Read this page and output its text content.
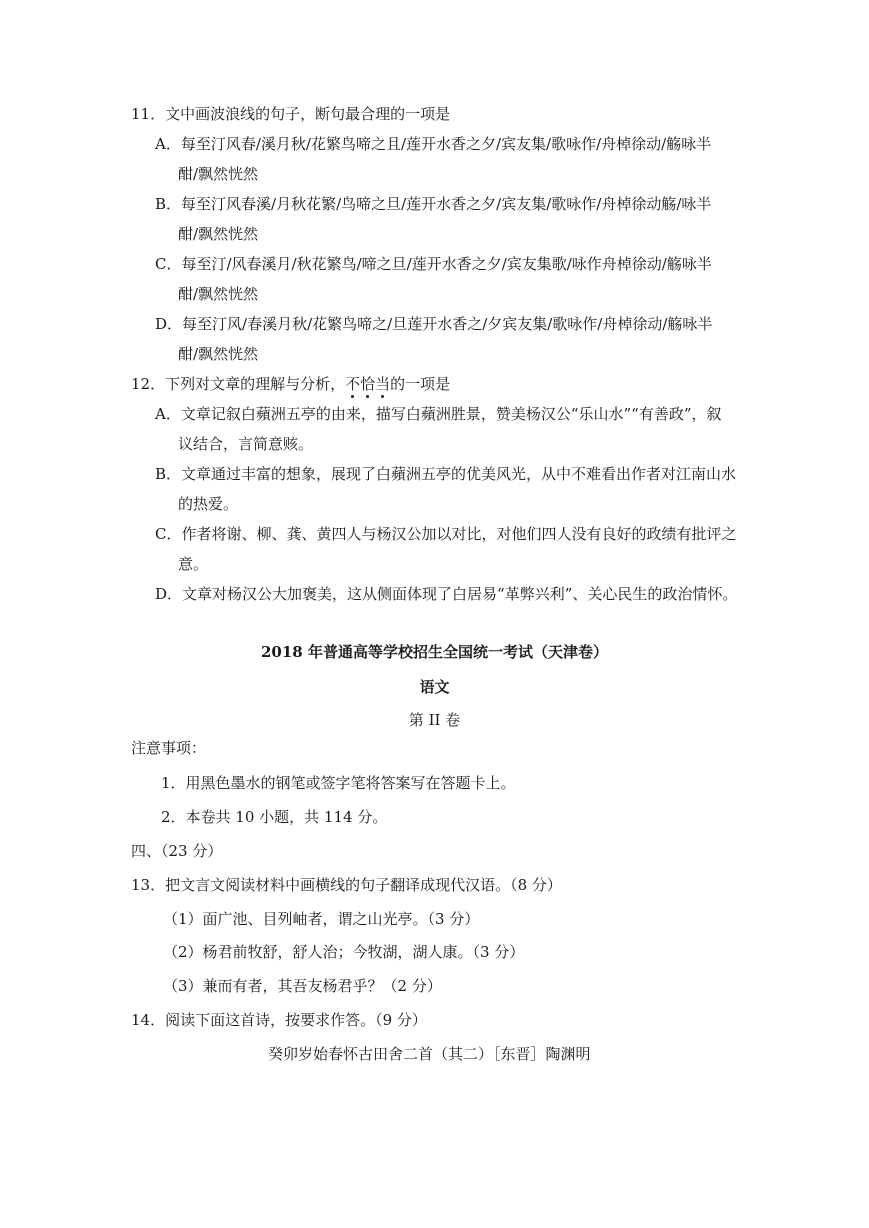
11．文中画波浪线的句子，断句最合理的一项是
A．每至汀风春/溪月秋/花繁鸟啼之且/莲开水香之夕/宾友集/歌咏作/舟棹徐动/觞咏半
酣/飘然恍然
B．每至汀风春溪/月秋花繁/鸟啼之旦/莲开水香之夕/宾友集/歌咏作/舟棹徐动觞/咏半
酣/飘然恍然
C．每至汀/风春溪月/秋花繁鸟/啼之旦/莲开水香之夕/宾友集歌/咏作舟棹徐动/觞咏半
酣/飘然恍然
D．每至汀风/春溪月秋/花繁鸟啼之/旦莲开水香之/夕宾友集/歌咏作/舟棹徐动/觞咏半
酣/飘然恍然
12．下列对文章的理解与分析，不恰当的一项是
A．文章记叙白蘋洲五亭的由来，描写白蘋洲胜景，赞美杨汉公“乐山水”“有善政”，叙
议结合，言简意赅。
B．文章通过丰富的想象，展现了白蘋洲五亭的优美风光，从中不难看出作者对江南山水
的热爱。
C．作者将谢、柳、龚、黄四人与杨汉公加以对比，对他们四人没有良好的政绩有批评之
意。
D．文章对杨汉公大加褒美，这从侧面体现了白居易“革弊兴利”、关心民生的政治情怀。
2018 年普通高等学校招生全国统一考试（天津卷）
语文
第 II 卷
注意事项：
1．用黑色墨水的钢笔或签字笔将答案写在答题卡上。
2．本卷共 10 小题，共 114 分。
四、（23 分）
13．把文言文阅读材料中画横线的句子翻译成现代汉语。（8 分）
（1）面广池、目列岫者，谓之山光亭。（3 分）
（2）杨君前牧舒，舒人治；今牧湖，湖人康。（3 分）
（3）兼而有者，其吾友杨君乎？（2 分）
14．阅读下面这首诗，按要求作答。（9 分）
癸卯岁始春怀古田舍二首（其二）［东晋］陶渊明
